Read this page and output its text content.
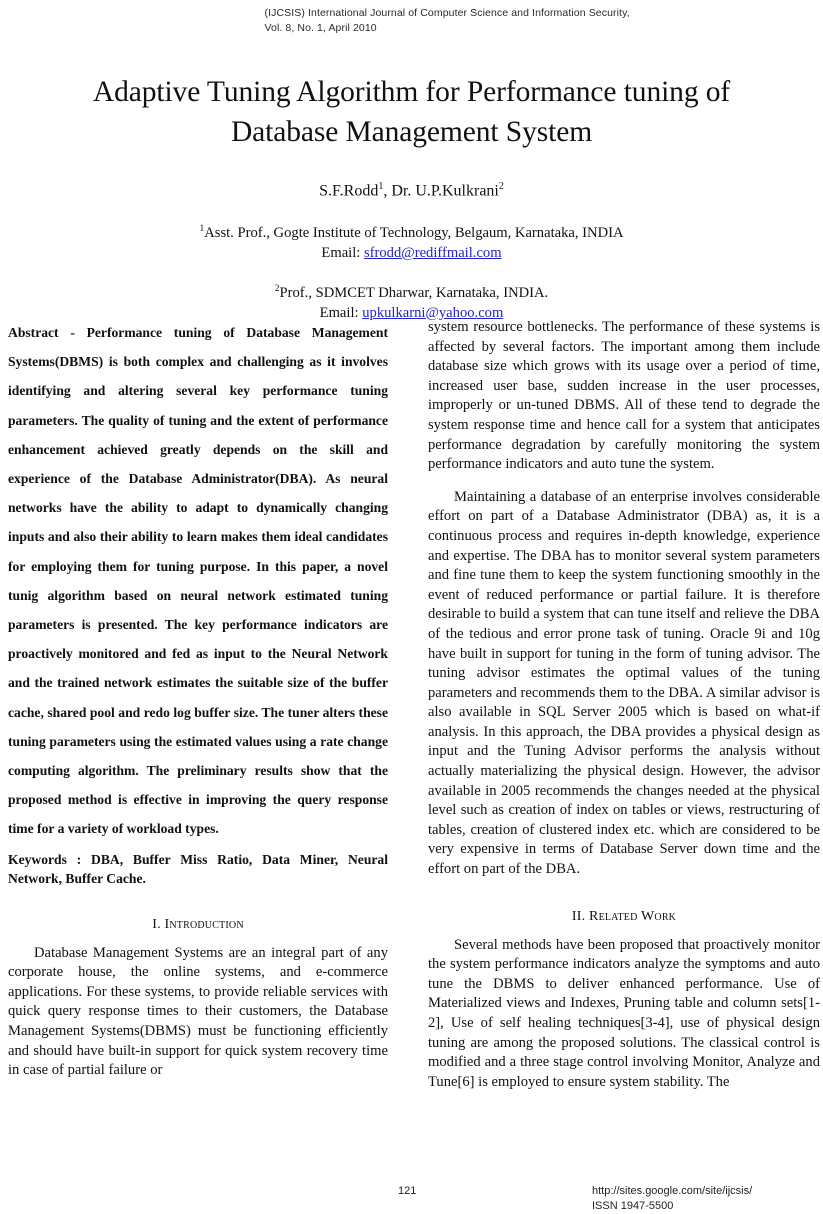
(IJCSIS) International Journal of Computer Science and Information Security,
Vol. 8, No. 1, April 2010
Adaptive Tuning Algorithm for Performance tuning of Database Management System
S.F.Rodd$^1$, Dr. U.P.Kulkrani$^2$
$^1$Asst. Prof., Gogte Institute of Technology, Belgaum, Karnataka, INDIA
Email: sfrodd@rediffmail.com
$^2$Prof., SDMCET Dharwar, Karnataka, INDIA.
Email: upkulkarni@yahoo.com

Abstract - Performance tuning of Database Management Systems(DBMS) is both complex and challenging as it involves identifying and altering several key performance tuning parameters. The quality of tuning and the extent of performance enhancement achieved greatly depends on the skill and experience of the Database Administrator(DBA). As neural networks have the ability to adapt to dynamically changing inputs and also their ability to learn makes them ideal candidates for employing them for tuning purpose. In this paper, a novel tunig algorithm based on neural network estimated tuning parameters is presented. The key performance indicators are proactively monitored and fed as input to the Neural Network and the trained network estimates the suitable size of the buffer cache, shared pool and redo log buffer size. The tuner alters these tuning parameters using the estimated values using a rate change computing algorithm. The preliminary results show that the proposed method is effective in improving the query response time for a variety of workload types.

Keywords : DBA, Buffer Miss Ratio, Data Miner, Neural Network, Buffer Cache.

I. Introduction

Database Management Systems are an integral part of any corporate house, the online systems, and e-commerce applications. For these systems, to provide reliable services with quick query response times to their customers, the Database Management Systems(DBMS) must be functioning efficiently and should have built-in support for quick system recovery time in case of partial failure or

system resource bottlenecks. The performance of these systems is affected by several factors. The important among them include database size which grows with its usage over a period of time, increased user base, sudden increase in the user processes, improperly or un-tuned DBMS. All of these tend to degrade the system response time and hence call for a system that anticipates performance degradation by carefully monitoring the system performance indicators and auto tune the system.

Maintaining a database of an enterprise involves considerable effort on part of a Database Administrator (DBA) as, it is a continuous process and requires in-depth knowledge, experience and expertise. The DBA has to monitor several system parameters and fine tune them to keep the system functioning smoothly in the event of reduced performance or partial failure. It is therefore desirable to build a system that can tune itself and relieve the DBA of the tedious and error prone task of tuning. Oracle 9i and 10g have built in support for tuning in the form of tuning advisor. The tuning advisor estimates the optimal values of the tuning parameters and recommends them to the DBA. A similar advisor is also available in SQL Server 2005 which is based on what-if analysis. In this approach, the DBA provides a physical design as input and the Tuning Advisor performs the analysis without actually materializing the physical design. However, the advisor available in 2005 recommends the changes needed at the physical level such as creation of index on tables or views, restructuring of tables, creation of clustered index etc. which are considered to be very expensive in terms of Database Server down time and the effort on part of the DBA.

II. Related Work

Several methods have been proposed that proactively monitor the system performance indicators analyze the symptoms and auto tune the DBMS to deliver enhanced performance. Use of Materialized views and Indexes, Pruning table and column sets[1-2], Use of self healing techniques[3-4], use of physical design tuning are among the proposed solutions. The classical control is modified and a three stage control involving Monitor, Analyze and Tune[6] is employed to ensure system stability. The

121	http://sites.google.com/site/ijcsis/
ISSN 1947-5500
